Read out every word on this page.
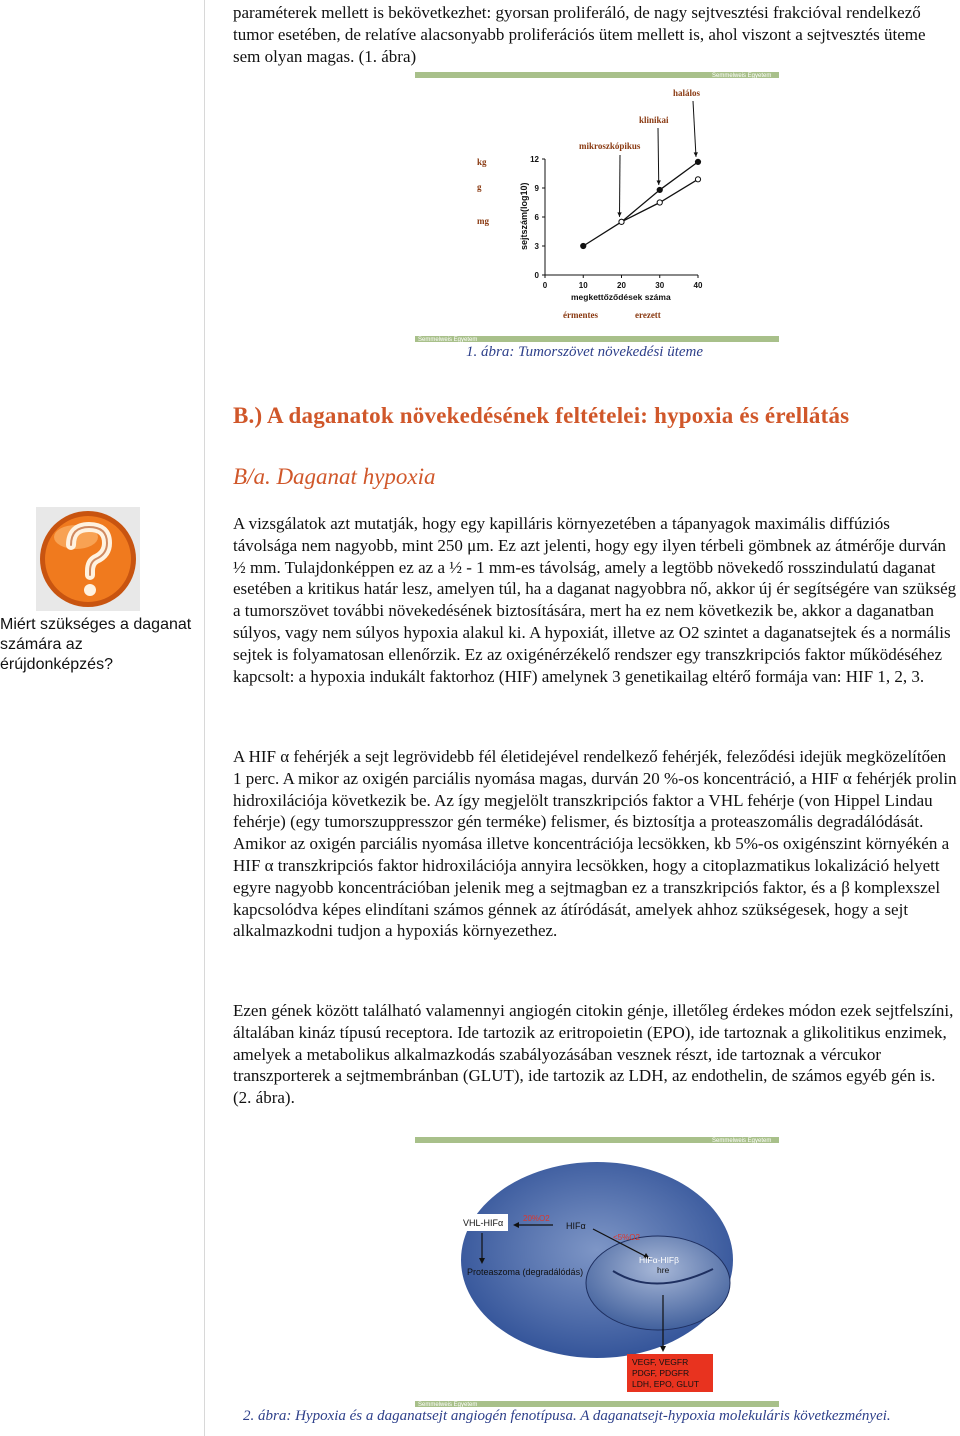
paraméterek mellett is bekövetkezhet: gyorsan proliferáló, de nagy sejtvesztési frakcióval rendelkező tumor esetében, de relatíve alacsonyabb proliferációs ütem mellett is, ahol viszont a sejtvesztés üteme sem olyan magas. (1. ábra)

Semmelweis Egyetem
halálos
klinikai
mikroszkópikus
kg
g
mg	sejtszám(log10)
0
3
6
9
12
0	10	20	30	40
megkettőződések száma
érmentes	erezett
Semmelweis Egyetem
1. ábra: Tumorszövet növekedési üteme
B.) A daganatok növekedésének feltételei: hypoxia és érellátás
B/a. Daganat hypoxia
Miért szükséges a daganat számára az érújdonképzés?

A vizsgálatok azt mutatják, hogy egy kapilláris környezetében a tápanyagok maximális diffúziós távolsága nem nagyobb, mint 250 μm. Ez azt jelenti, hogy egy ilyen térbeli gömbnek az átmérője durván ½ mm. Tulajdonképpen ez az a ½ - 1 mm-es távolság, amely a legtöbb növekedő rosszindulatú daganat esetében a kritikus határ lesz, amelyen túl, ha a daganat nagyobbra nő, akkor új ér segítségére van szükség a tumorszövet további növekedésének biztosítására, mert ha ez nem következik be, akkor a daganatban súlyos, vagy nem súlyos hypoxia alakul ki. A hypoxiát, illetve az O2 szintet a daganatsejtek és a normális sejtek is folyamatosan ellenőrzik. Ez az oxigénérzékelő rendszer egy transzkripciós faktor működéséhez kapcsolt: a hypoxia indukált faktorhoz (HIF) amelynek 3 genetikailag eltérő formája van: HIF 1, 2, 3.

A HIF α fehérjék a sejt legrövidebb fél életidejével rendelkező fehérjék, feleződési idejük megközelítően 1 perc. A mikor az oxigén parciális nyomása magas, durván 20 %-os koncentráció, a HIF α fehérjék prolin hidroxilációja következik be. Az így megjelölt transzkripciós faktor a VHL fehérje (von Hippel Lindau fehérje) (egy tumorszuppresszor gén terméke) felismer, és biztosítja a proteaszomális degradálódását. Amikor az oxigén parciális nyomása illetve koncentrációja lecsökken, kb 5%-os oxigénszint környékén a HIF α transzkripciós faktor hidroxilációja annyira lecsökken, hogy a citoplazmatikus lokalizáció helyett egyre nagyobb koncentrációban jelenik meg a sejtmagban ez a transzkripciós faktor, és a β komplexszel kapcsolódva képes elindítani számos génnek az átíródását, amelyek ahhoz szükségesek, hogy a sejt alkalmazkodni tudjon a hypoxiás környezethez.

Ezen gének között található valamennyi angiogén citokin génje, illetőleg érdekes módon ezek sejtfelszíni, általában kináz típusú receptora. Ide tartozik az eritropoietin (EPO), ide tartoznak a glikolitikus enzimek, amelyek a metabolikus alkalmazkodás szabályozásában vesznek részt, ide tartoznak a vércukor transzporterek a sejtmembránban (GLUT), ide tartozik az LDH, az endothelin, de számos egyéb gén is. (2. ábra).

Semmelweis Egyetem
VHL-HIFα 20%O2
HIFα
<5%O2
Proteaszoma (degradálódás)
HIFα-HIFβ
hre
VEGF, VEGFR
PDGF, PDGFR
LDH, EPO, GLUT
Semmelweis Egyetem
2. ábra: Hypoxia és a daganatsejt angiogén fenotípusa. A daganatsejt-hypoxia molekuláris következményei.
